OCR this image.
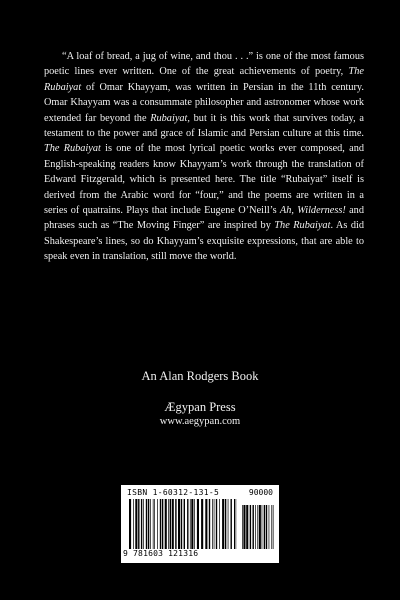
“A loaf of bread, a jug of wine, and thou . . .” is one of the most famous poetic lines ever written. One of the great achievements of poetry, The Rubaiyat of Omar Khayyam, was written in Persian in the 11th century. Omar Khayyam was a consummate philosopher and astronomer whose work extended far beyond the Rubaiyat, but it is this work that survives today, a testament to the power and grace of Islamic and Persian culture at this time. The Rubaiyat is one of the most lyrical poetic works ever composed, and English-speaking readers know Khayyam’s work through the translation of Edward Fitzgerald, which is presented here. The title “Rubaiyat” itself is derived from the Arabic word for “four,” and the poems are written in a series of quatrains. Plays that include Eugene O’Neill’s Ah, Wilderness! and phrases such as “The Moving Finger” are inspired by The Rubaiyat. As did Shakespeare’s lines, so do Khayyam’s exquisite expressions, that are able to speak even in translation, still move the world.

An Alan Rodgers Book
Ægypan Press
www.aegypan.com
ISBN 1-60312-131-5	90000
9 781603 121316
